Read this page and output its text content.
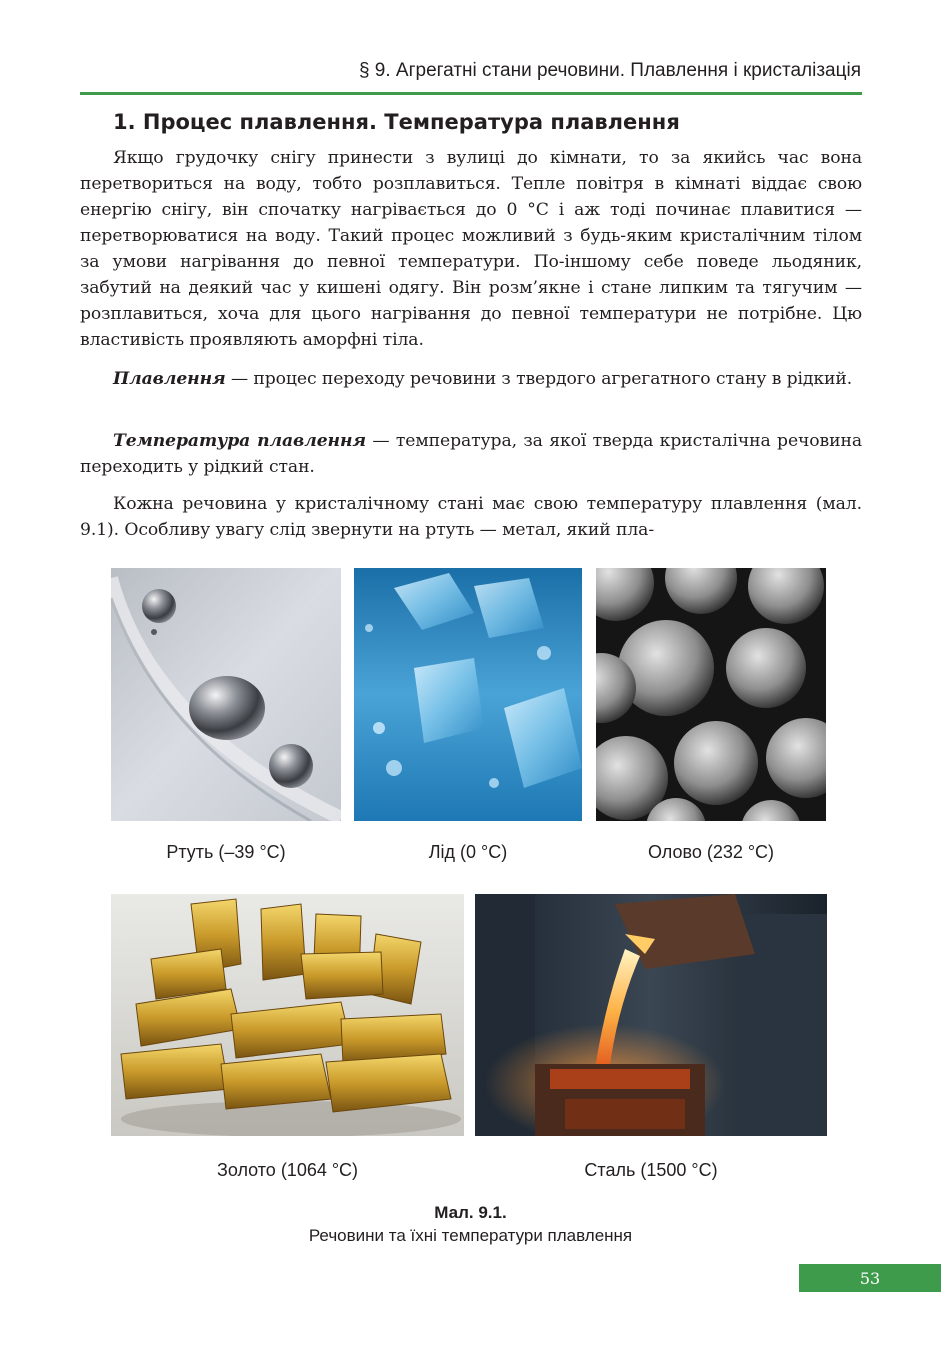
§ 9. Агрегатні стани речовини. Плавлення і кристалізація
1. Процес плавлення. Температура плавлення

Якщо грудочку снігу принести з вулиці до кімнати, то за якийсь час вона перетвориться на воду, тобто розплавиться. Тепле повітря в кімнаті віддає свою енергію снігу, він спочатку нагрівається до 0 °С і аж тоді починає плавитися — перетворюватися на воду. Такий процес можливий з будь-яким кристалічним тілом за умови нагрівання до певної температури. По-іншому себе поведе льодяник, забутий на деякий час у кишені одягу. Він розм’якне і стане липким та тягучим — розплавиться, хоча для цього нагрівання до певної температури не потрібне. Цю властивість проявляють аморфні тіла.

Плавлення — процес переходу речовини з твердого агрегатного стану в рідкий.

Температура плавлення — температура, за якої тверда кристалічна речовина переходить у рідкий стан.

Кожна речовина у кристалічному стані має свою температуру плавлення (мал. 9.1). Особливу увагу слід звернути на ртуть — метал, який пла-

Ртуть (–39 °С)	Лід (0 °С)	Олово (232 °С)
Золото (1064 °С)	Сталь (1500 °С)
Мал. 9.1.
Речовини та їхні температури плавлення
53
